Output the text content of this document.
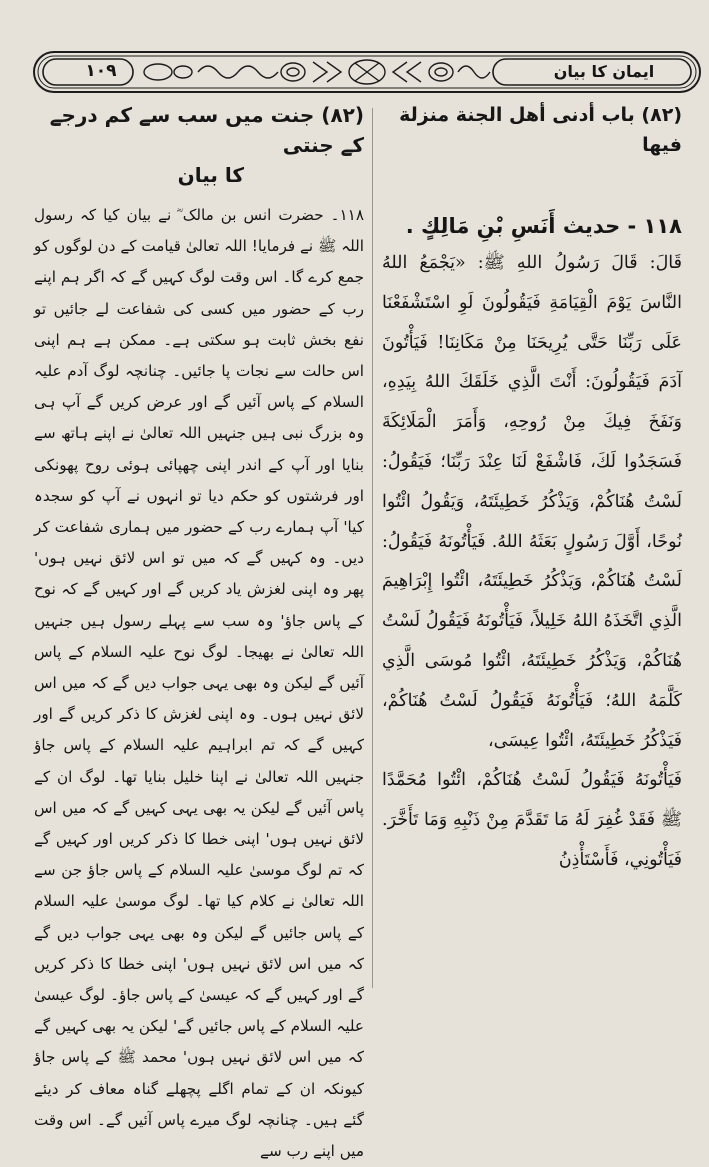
۱۰۹	ایمان کا بیان
(۸۲) جنت میں سب سے کم درجے کے جنتی
کا بیان
۱۱۸۔ حضرت انس بن مالک ؓ نے بیان کیا کہ رسول اللہ ﷺ نے فرمایا! اللہ تعالیٰ قیامت کے دن لوگوں کو جمع کرے گا۔ اس وقت لوگ کہیں گے کہ اگر ہم اپنے رب کے حضور میں کسی کی شفاعت لے جائیں تو نفع بخش ثابت ہو سکتی ہے۔ ممکن ہے ہم اپنی اس حالت سے نجات پا جائیں۔ چنانچہ لوگ آدم علیہ السلام کے پاس آئیں گے اور عرض کریں گے آپ ہی وہ بزرگ نبی ہیں جنہیں اللہ تعالیٰ نے اپنے ہاتھ سے بنایا اور آپ کے اندر اپنی چھپائی ہوئی روح پھونکی اور فرشتوں کو حکم دیا تو انہوں نے آپ کو سجدہ کیا' آپ ہمارے رب کے حضور میں ہماری شفاعت کر دیں۔ وہ کہیں گے کہ میں تو اس لائق نہیں ہوں' پھر وہ اپنی لغزش یاد کریں گے اور کہیں گے کہ نوح کے پاس جاؤ' وہ سب سے پہلے رسول ہیں جنہیں اللہ تعالیٰ نے بھیجا۔ لوگ نوح علیہ السلام کے پاس آئیں گے لیکن وہ بھی یہی جواب دیں گے کہ میں اس لائق نہیں ہوں۔ وہ اپنی لغزش کا ذکر کریں گے اور کہیں گے کہ تم ابراہیم علیہ السلام کے پاس جاؤ جنہیں اللہ تعالیٰ نے اپنا خلیل بنایا تھا۔ لوگ ان کے پاس آئیں گے لیکن یہ بھی یہی کہیں گے کہ میں اس لائق نہیں ہوں' اپنی خطا کا ذکر کریں اور کہیں گے کہ تم لوگ موسیٰ علیہ السلام کے پاس جاؤ جن سے اللہ تعالیٰ نے کلام کیا تھا۔ لوگ موسیٰ علیہ السلام کے پاس جائیں گے لیکن وہ بھی یہی جواب دیں گے کہ میں اس لائق نہیں ہوں' اپنی خطا کا ذکر کریں گے اور کہیں گے کہ عیسیٰ کے پاس جاؤ۔ لوگ عیسیٰ علیہ السلام کے پاس جائیں گے' لیکن یہ بھی کہیں گے کہ میں اس لائق نہیں ہوں' محمد ﷺ کے پاس جاؤ کیونکہ ان کے تمام اگلے پچھلے گناہ معاف کر دیئے گئے ہیں۔ چنانچہ لوگ میرے پاس آئیں گے۔ اس وقت میں اپنے رب سے
(۸۲) باب أدنى أهل الجنة منزلة فيها
۱۱۸ - حديث أَنَسِ بْنِ مَالِكٍ .

قَالَ: قَالَ رَسُولُ اللهِ ﷺ: «يَجْمَعُ اللهُ النَّاسَ يَوْمَ الْقِيَامَةِ فَيَقُولُونَ لَوِ اسْتَشْفَعْنَا عَلَى رَبِّنَا حَتَّى يُرِيحَنَا مِنْ مَكَانِنَا! فَيَأْتُونَ آدَمَ فَيَقُولُونَ: أَنْتَ الَّذِي خَلَقَكَ اللهُ بِيَدِهِ، وَنَفَخَ فِيكَ مِنْ رُوحِهِ، وَأَمَرَ الْمَلَائِكَةَ فَسَجَدُوا لَكَ، فَاشْفَعْ لَنَا عِنْدَ رَبِّنَا؛ فَيَقُولُ: لَسْتُ هُنَاكُمْ، وَيَذْكُرُ خَطِيئَتَهُ، وَيَقُولُ ائْتُوا نُوحًا، أَوَّلَ رَسُولٍ بَعَثَهُ اللهُ. فَيَأْتُونَهُ فَيَقُولُ: لَسْتُ هُنَاكُمْ، وَيَذْكُرُ خَطِيئَتَهُ، ائْتُوا إِبْرَاهِيمَ الَّذِي اتَّخَذَهُ اللهُ خَلِيلاً، فَيَأْتُونَهُ فَيَقُولُ لَسْتُ هُنَاكُمْ، وَيَذْكُرُ خَطِيئَتَهُ، ائْتُوا مُوسَى الَّذِي كَلَّمَهُ اللهُ؛ فَيَأْتُونَهُ فَيَقُولُ لَسْتُ هُنَاكُمْ، فَيَذْكُرُ خَطِيئَتَهُ، ائْتُوا عِيسَى،

فَيَأْتُونَهُ فَيَقُولُ لَسْتُ هُنَاكُمْ، ائْتُوا مُحَمَّدًا ﷺ فَقَدْ غُفِرَ لَهُ مَا تَقَدَّمَ مِنْ ذَنْبِهِ وَمَا تَأَخَّرَ. فَيَأْتُونِي، فَأَسْتَأْذِنُ
